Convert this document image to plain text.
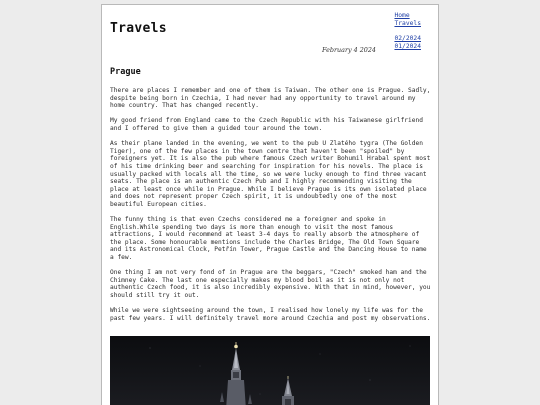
Travels
Home
Travels
02/2024
01/2024
February 4 2024
Prague

There are places I remember and one of them is Taiwan. The other one is Prague. Sadly, despite being born in Czechia, I had never had any opportunity to travel around my home country. That has changed recently.

My good friend from England came to the Czech Republic with his Taiwanese girlfriend and I offered to give them a guided tour around the town.

As their plane landed in the evening, we went to the pub U Zlatého tygra (The Golden Tiger), one of the few places in the town centre that haven't been "spoiled" by foreigners yet. It is also the pub where famous Czech writer Bohumil Hrabal spent most of his time drinking beer and searching for inspiration for his novels. The place is usually packed with locals all the time, so we were lucky enough to find three vacant seats. The place is an authentic Czech Pub and I highly recommending visiting the place at least once while in Prague. While I believe Prague is its own isolated place and does not represent proper Czech spirit, it is undoubtedly one of the most beautiful European cities.

The funny thing is that even Czechs considered me a foreigner and spoke in English.While spending two days is more than enough to visit the most famous attractions, I would recommend at least 3-4 days to really absorb the atmosphere of the place. Some honourable mentions include the Charles Bridge, The Old Town Square and its Astronomical Clock, Petřín Tower, Prague Castle and the Dancing House to name a few.

One thing I am not very fond of in Prague are the beggars, "Czech" smoked ham and the Chimney Cake. The last one especially makes my blood boil as it is not only not authentic Czech food, it is also incredibly expensive. With that in mind, however, you should still try it out.

While we were sightseeing around the town, I realised how lonely my life was for the past few years. I will definitely travel more around Czechia and post my observations.
